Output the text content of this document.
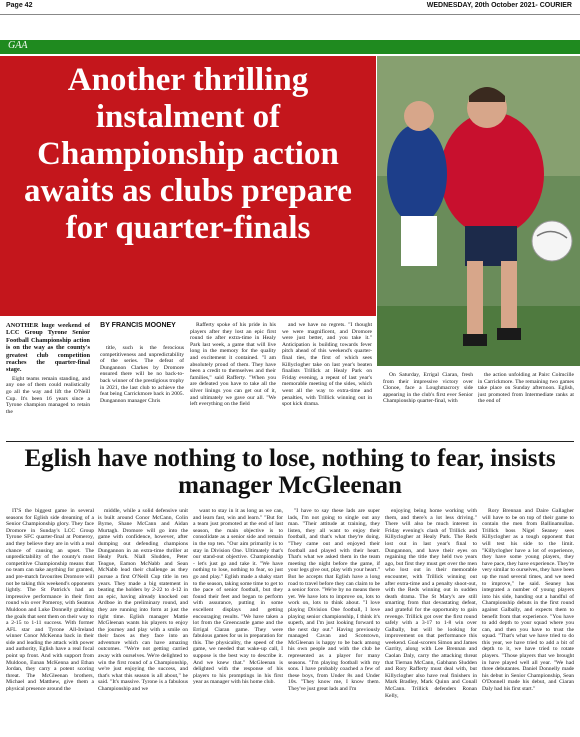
Page 42	WEDNESDAY, 20th October 2021- COURIER
GAA
Another thrilling instalment of Championship action awaits as clubs prepare for quarter-finals

ANOTHER huge weekend of LCC Group Tyrone Senior Football Championship action is on the way as the county's greatest club competition reaches the quarter-final stage.

Eight teams remain standing, and any one of them could realistically go all the way and lift the O'Neill Cup. It's been 16 years since a Tyrone champion managed to retain the

BY FRANCIS MOONEY

title, such is the ferocious competitiveness and unpredictability of the series. The defeat of Dungannon Clarkes by Dromore ensured there will be no back-to-back winner of the prestigious trophy in 2021, the last club to achieve the feat being Carrickmore back in 2005. Dungannon manager Chris

Rafferty spoke of his pride in his players after they lost an epic first round tie after extra-time in Healy Park last week, a game that will live long in the memory for the quality and excitement it contained. "I am absolutely proud of them. They have been a credit to themselves and their families," said Rafferty. "When you are defeated you have to take all the silver linings you can get out of it, and ultimately we gave our all. "We left everything on the field

and we have no regrets. "I thought we were magnificent, and Dromore were just better, and you take it." Anticipation is building towards fever pitch ahead of this weekend's quarter-final ties, the first of which sees Killyclogher take on last year's beaten finalists Trillick at Healy Park on Friday evening, a repeat of last year's memorable meeting of the sides, which went all the way to extra-time and penalties, with Trillick winning out in spot kick drama.

On Saturday, Errigal Ciaran, fresh from their impressive victory over Clonoe, face a Loughmacrory side appearing in the club's first ever Senior Championship quarter-final, with

the action unfolding at Pairc Colmcille in Carrickmore. The remaining two games take place on Sunday afternoon. Eglish, just promoted from Intermediate ranks at the end of

Eglish have nothing to lose, nothing to fear, insists manager McGleenan

IT'S the biggest game in several seasons for Eglish side dreaming of a Senior Championship glory. They face Dromore in Sunday's LCC Group Tyrone SFC quarter-final at Pomeroy, and they believe they are in with a real chance of causing an upset. The unpredictability of the county's most competitive Championship means that no team can take anything for granted, and pre-match favourites Dromore will not be taking this weekend's opponents lightly. The St Patrick's had an impressive performance in their first round win over Pomeroy, with Seamus Muldoon and Luke Donnelly grabbing the goals that sent them on their way to a 2-15 to 1-11 success. With former AFL star and Tyrone All-Ireland winner Conor McKenna back in their side and leading the attack with power and authority, Eglish have a real focal point up front. And with support from Muldoon, Eunan McKenna and Ethan Jordan, they carry a potent scoring threat. The McGleenan brothers, Michael and Matthew, give them a physical presence around the

middle, while a solid defensive unit is built around Conor McCann, Colin Byrne, Shane McCann and Aidan Murtagh. Dromore will go into the game with confidence, however, after dumping out defending champions Dungannon in an extra-time thriller at Healy Park. Niall Sludden, Peter Teague, Eamon McNabb and Sean McNabb lead their challenge as they pursue a first O'Neill Cup title in ten years. They made a big statement in beating the holders by 2-22 to 4-12 in an epic, having already knocked out Ardboe in the preliminary round, and they are running into form at just the right time. Eglish manager Mattie McGleenan wants his players to enjoy the journey and play with a smile on their faces as they face into an adventure which can have amazing outcomes. "We're not getting carried away with ourselves. We're delighted to win the first round of a Championship, we're just enjoying the success, and that's what this season is all about," he said. "It's massive. Tyrone is a fabulous Championship and we

want to stay in it as long as we can, and learn fast, win and learn." "But for a team just promoted at the end of last season, the main objective is to consolidate as a senior side and remain in the top ten. "Our aim primarily is to stay in Division One. Ultimately that's our stand-out objective. Championship - let's just go and take it. "We have nothing to lose, nothing to fear, so just go and play." Eglish made a shaky start to the season, taking some time to get to the pace of senior football, but they found their feet and began to perform with assurance, putting in some excellent displays and getting encouraging results. "We have taken a lot from the Greencastle game and the Errigal Ciaran game. They were fabulous games for us in preparation for this. The physicality, the speed of the game, we needed that wake-up call, I suppose is the best way to describe it. And we knew that." McGleenan is delighted with the response of his players to his promptings in his first year as manager with his home club.

"I have to say these lads are super lads, I'm not going to single out any man. "Their attitude at training, they listen, they all want to enjoy their football, and that's what they're doing. "They came out and enjoyed their football and played with their heart. That's what we asked them in the team meeting the night before the game, if your legs give out, play with your heart." But he accepts that Eglish have a long road to travel before they can claim to be a senior force. "We're by no means there yet. We have lots to improve on, lots to work on, lots to think about. "I love playing Division One football, I love playing senior championship, I think it's superb, and I'm just looking forward to the next day out." Having previously managed Cavan and Scotstown, McGleenan is happy to be back among his own people and with the club he represented as a player for many seasons. "I'm playing football with my sons. I have probably coached a few of these boys, from Under 8s and Under 10s. "They know me, I know them. They've just great lads and I'm

enjoying being home working with them, and there's a lot less driving." There will also be much interest in Friday evening's clash of Trillick and Killyclogher at Healy Park. The Reds lost out in last year's final to Dungannon, and have their eyes on regaining the title they held two years ago, but first they must get over the men who lost out in their memorable encounter, with Trillick winning out after extra-time and a penalty shoot-out, with the Reds winning out in sudden death drama. The St Mary's are still smarting from that devastating defeat, and grateful for the opportunity to gain revenge. Trillick got over the first round safely with a 3-17 to 1-8 win over Galbally, but will be looking for improvement on that performance this weekend. Goal-scorers Simon and James Garrity, along with Lee Brennan and Caolan Daly, carry the attacking threat that Tiernan McCann, Gabhann Sludden and Rory Rafferty must deal with, but Killyclogher also have real finishers in Mark Bradley, Mark Quinn and Conall McCann. Trillick defenders Ronan Kelly,

Rory Brennan and Daire Gallagher will have to be on top of their game to contain the men from Ballinamullan. Trillick boss Nigel Seaney sees Killyclogher as a tough opponent that will test his side to the limit. "Killyclogher have a lot of experience, they have some young players, they have pace, they have experience. They're very similar to ourselves, they have been up the road several times, and we need to improve," he said. Seaney has integrated a number of young players into his side, handing out a handful of Championship debuts in the first round against Galbally, and expects them to benefit from that experience. "You have to add depth to your squad where you can, and then you have to trust the squad. "That's what we have tried to do this year, we have tried to add a bit of depth to it, we have tried to rotate players. "Those players that we brought in have played well all year. "We had three debutantes. Daniel Donnelly made his debut in Senior Championship, Sean O'Donnell made his debut, and Ciaran Daly had his first start."
